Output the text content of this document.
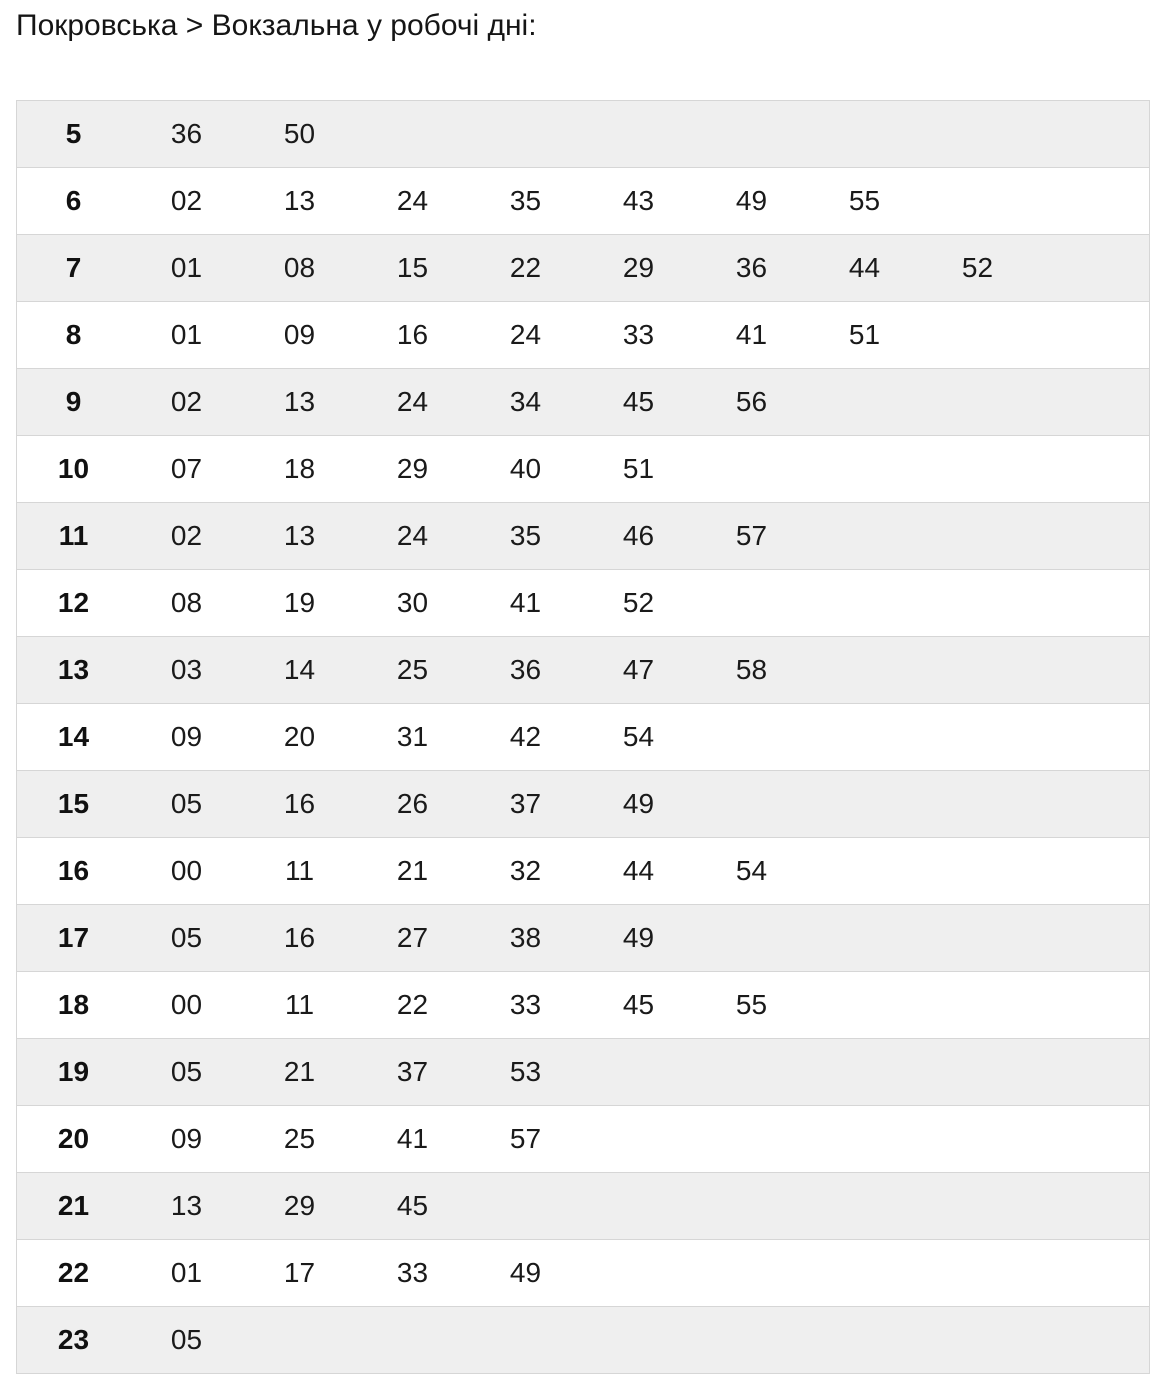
Покровська > Вокзальна у робочі дні:
5	36	50
6	02	13	24	35	43	49	55
7	01	08	15	22	29	36	44	52
8	01	09	16	24	33	41	51
9	02	13	24	34	45	56
10	07	18	29	40	51
11	02	13	24	35	46	57
12	08	19	30	41	52
13	03	14	25	36	47	58
14	09	20	31	42	54
15	05	16	26	37	49
16	00	11	21	32	44	54
17	05	16	27	38	49
18	00	11	22	33	45	55
19	05	21	37	53
20	09	25	41	57
21	13	29	45
22	01	17	33	49
23	05
